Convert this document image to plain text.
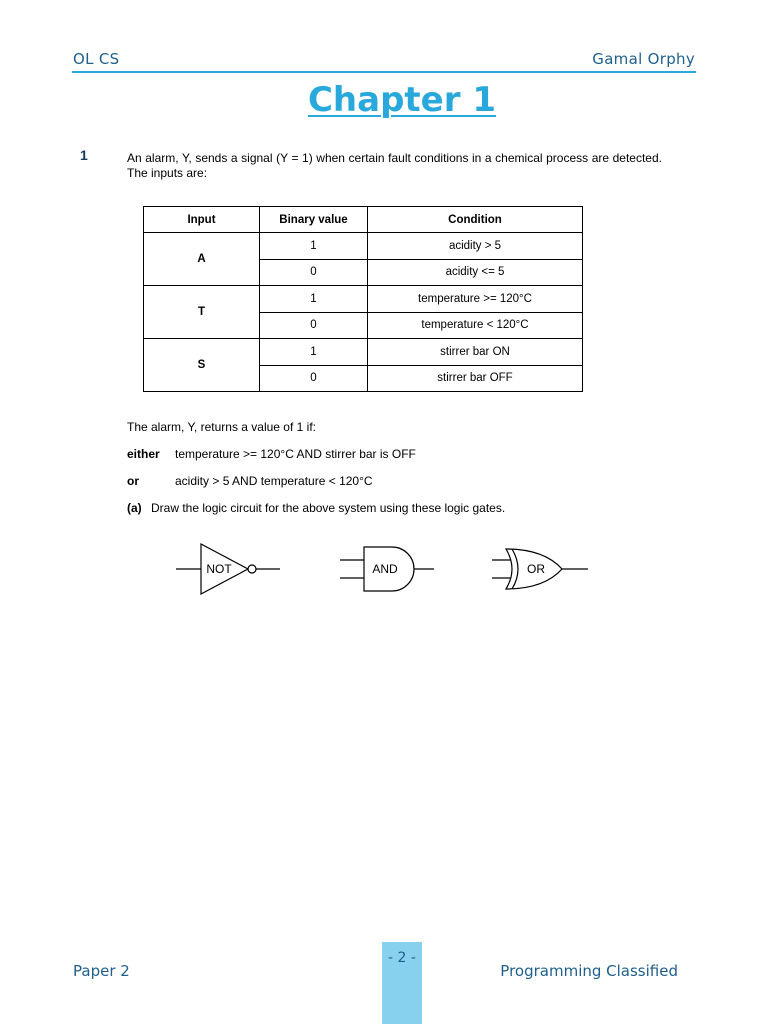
OL CS	Gamal Orphy
Chapter 1
1	An alarm, Y, sends a signal (Y = 1) when certain fault conditions in a chemical process are detected. The inputs are:
Input	Binary value	Condition
A	1	acidity > 5
	0	acidity <= 5
T	1	temperature >= 120°C
	0	temperature < 120°C
S	1	stirrer bar ON
	0	stirrer bar OFF
The alarm, Y, returns a value of 1 if:
either temperature >= 120°C AND stirrer bar is OFF
or	acidity > 5 AND temperature < 120°C
(a) Draw the logic circuit for the above system using these logic gates.
NOT	AND	OR
- 2 -
Paper 2	Programming Classified
